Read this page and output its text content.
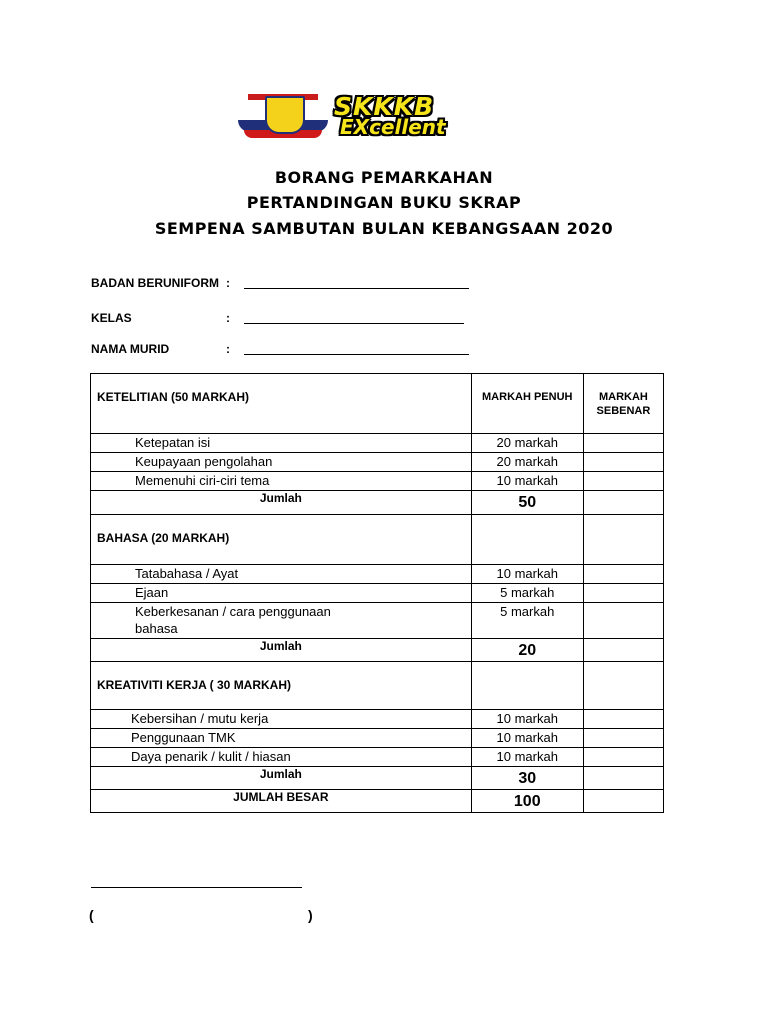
SKKKB
EXcellent
BORANG PEMARKAHAN
PERTANDINGAN BUKU SKRAP
SEMPENA SAMBUTAN BULAN KEBANGSAAN 2020
BADAN BERUNIFORM :
KELAS	:
NAMA MURID	:
KETELITIAN (50 MARKAH)	MARKAH PENUH	MARKAH SEBENAR
Ketepatan isi	20 markah	
Keupayaan pengolahan	20 markah	
Memenuhi ciri-ciri tema	10 markah	
Jumlah	50	
BAHASA (20 MARKAH)		
Tatabahasa / Ayat	10 markah	
Ejaan	5 markah	
Keberkesanan / cara penggunaan bahasa	5 markah	
Jumlah	20	
KREATIVITI KERJA ( 30 MARKAH)		
Kebersihan / mutu kerja	10 markah	
Penggunaan TMK	10 markah	
Daya penarik / kulit / hiasan	10 markah	
Jumlah	30	
JUMLAH BESAR	100	
(	)
